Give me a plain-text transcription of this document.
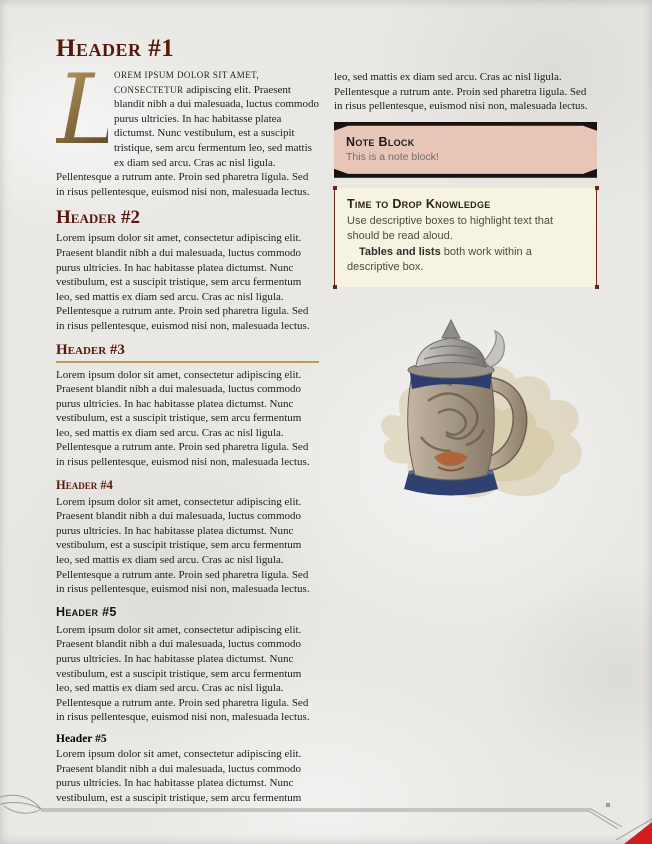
Header #1

L
OREM IPSUM DOLOR SIT AMET, CONSECTETUR adipiscing elit. Praesent blandit nibh a dui malesuada, luctus commodo purus ultricies. In hac habitasse platea dictumst. Nunc vestibulum, est a suscipit tristique, sem arcu fermentum leo, sed mattis ex diam sed arcu. Cras ac nisl ligula. Pellentesque a rutrum ante. Proin sed pharetra ligula. Sed in risus pellentesque, euismod nisi non, malesuada lectus.

Header #2

Lorem ipsum dolor sit amet, consectetur adipiscing elit. Praesent blandit nibh a dui malesuada, luctus commodo purus ultricies. In hac habitasse platea dictumst. Nunc vestibulum, est a suscipit tristique, sem arcu fermentum leo, sed mattis ex diam sed arcu. Cras ac nisl ligula. Pellentesque a rutrum ante. Proin sed pharetra ligula. Sed in risus pellentesque, euismod nisi non, malesuada lectus.

Header #3

Lorem ipsum dolor sit amet, consectetur adipiscing elit. Praesent blandit nibh a dui malesuada, luctus commodo purus ultricies. In hac habitasse platea dictumst. Nunc vestibulum, est a suscipit tristique, sem arcu fermentum leo, sed mattis ex diam sed arcu. Cras ac nisl ligula. Pellentesque a rutrum ante. Proin sed pharetra ligula. Sed in risus pellentesque, euismod nisi non, malesuada lectus.

Header #4

Lorem ipsum dolor sit amet, consectetur adipiscing elit. Praesent blandit nibh a dui malesuada, luctus commodo purus ultricies. In hac habitasse platea dictumst. Nunc vestibulum, est a suscipit tristique, sem arcu fermentum leo, sed mattis ex diam sed arcu. Cras ac nisl ligula. Pellentesque a rutrum ante. Proin sed pharetra ligula. Sed in risus pellentesque, euismod nisi non, malesuada lectus.

Header #5

Lorem ipsum dolor sit amet, consectetur adipiscing elit. Praesent blandit nibh a dui malesuada, luctus commodo purus ultricies. In hac habitasse platea dictumst. Nunc vestibulum, est a suscipit tristique, sem arcu fermentum leo, sed mattis ex diam sed arcu. Cras ac nisl ligula. Pellentesque a rutrum ante. Proin sed pharetra ligula. Sed in risus pellentesque, euismod nisi non, malesuada lectus.

Header #5

Lorem ipsum dolor sit amet, consectetur adipiscing elit. Praesent blandit nibh a dui malesuada, luctus commodo purus ultricies. In hac habitasse platea dictumst. Nunc vestibulum, est a suscipit tristique, sem arcu fermentum

leo, sed mattis ex diam sed arcu. Cras ac nisl ligula. Pellentesque a rutrum ante. Proin sed pharetra ligula. Sed in risus pellentesque, euismod nisi non, malesuada lectus.

Note Block
This is a note block!
Time to Drop Knowledge
Use descriptive boxes to highlight text that should be read aloud.
Tables and lists both work within a descriptive box.
